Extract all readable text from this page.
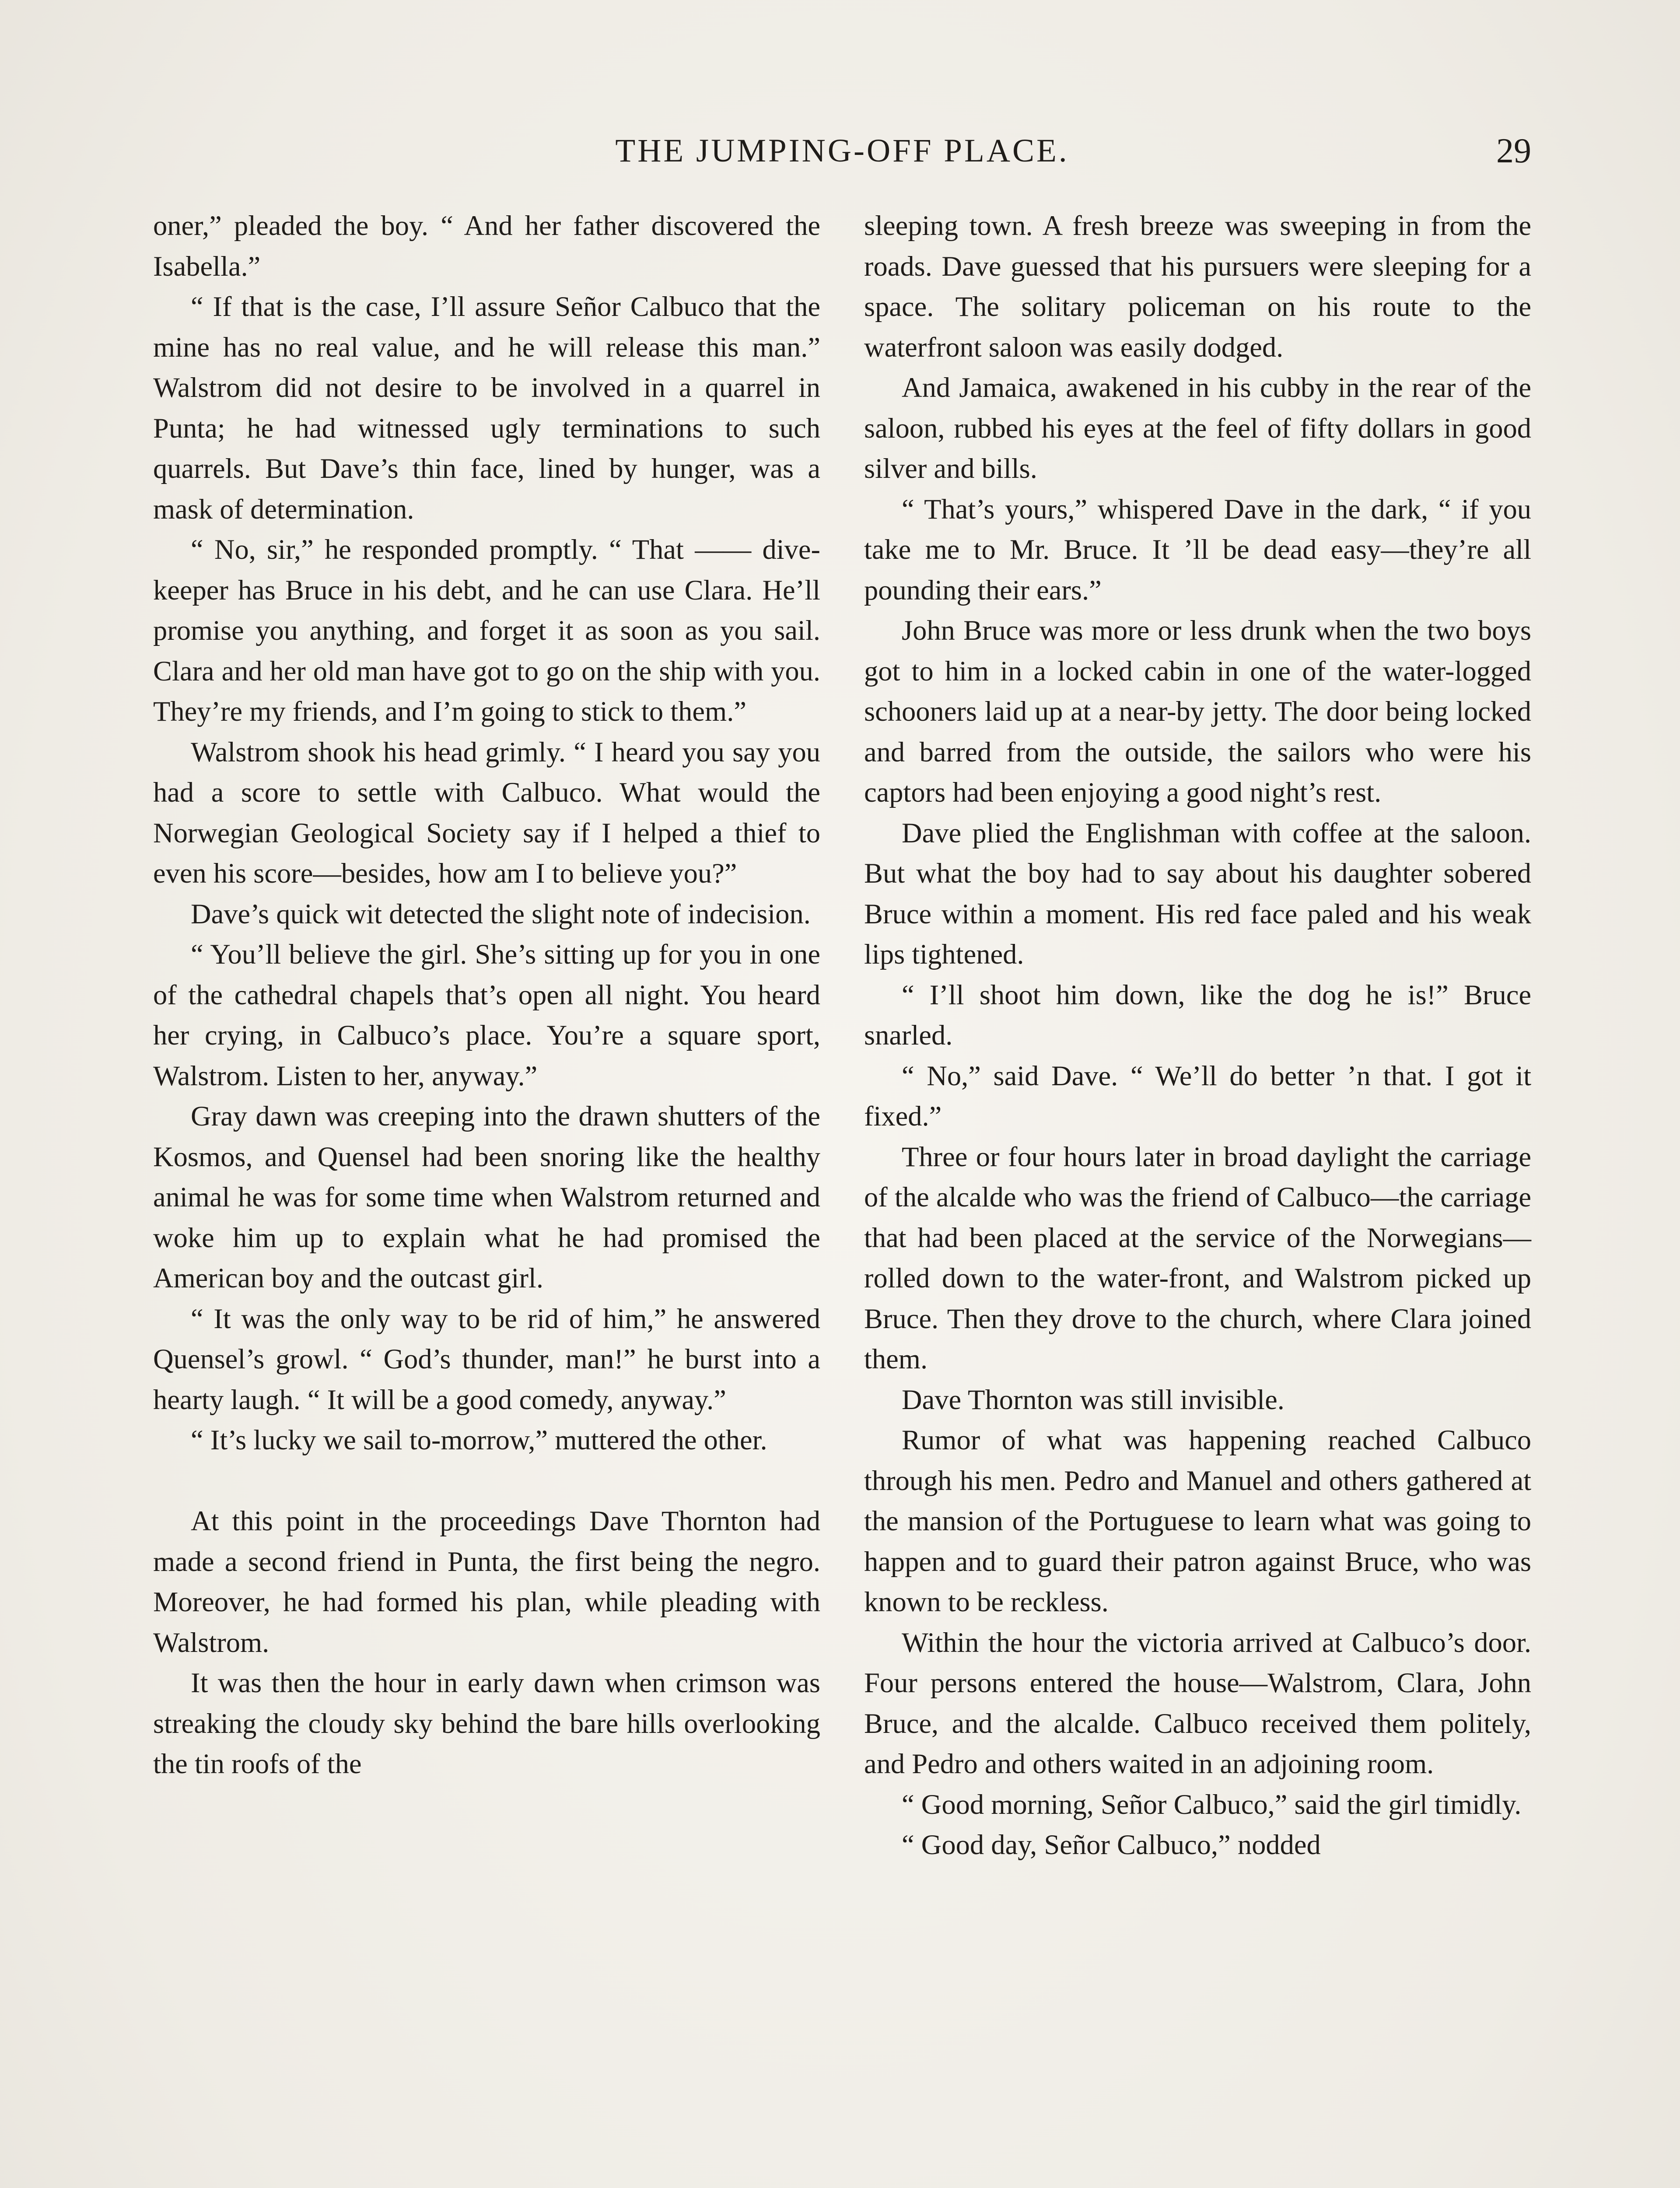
THE JUMPING-OFF PLACE.	29

oner,” pleaded the boy. “ And her father discovered the Isabella.”

“ If that is the case, I’ll assure Señor Calbuco that the mine has no real value, and he will release this man.” Walstrom did not desire to be involved in a quarrel in Punta; he had witnessed ugly terminations to such quarrels. But Dave’s thin face, lined by hunger, was a mask of determination.

“ No, sir,” he responded promptly. “ That —— dive-keeper has Bruce in his debt, and he can use Clara. He’ll promise you anything, and forget it as soon as you sail. Clara and her old man have got to go on the ship with you. They’re my friends, and I’m going to stick to them.”

Walstrom shook his head grimly. “ I heard you say you had a score to settle with Calbuco. What would the Norwegian Geological Society say if I helped a thief to even his score—besides, how am I to believe you?”

Dave’s quick wit detected the slight note of indecision.

“ You’ll believe the girl. She’s sitting up for you in one of the cathedral chapels that’s open all night. You heard her crying, in Calbuco’s place. You’re a square sport, Walstrom. Listen to her, anyway.”

Gray dawn was creeping into the drawn shutters of the Kosmos, and Quensel had been snoring like the healthy animal he was for some time when Walstrom returned and woke him up to explain what he had promised the American boy and the outcast girl.

“ It was the only way to be rid of him,” he answered Quensel’s growl. “ God’s thunder, man!” he burst into a hearty laugh. “ It will be a good comedy, anyway.”

“ It’s lucky we sail to-morrow,” muttered the other.

At this point in the proceedings Dave Thornton had made a second friend in Punta, the first being the negro. Moreover, he had formed his plan, while pleading with Walstrom.

It was then the hour in early dawn when crimson was streaking the cloudy sky behind the bare hills overlooking the tin roofs of the

sleeping town. A fresh breeze was sweeping in from the roads. Dave guessed that his pursuers were sleeping for a space. The solitary policeman on his route to the waterfront saloon was easily dodged.

And Jamaica, awakened in his cubby in the rear of the saloon, rubbed his eyes at the feel of fifty dollars in good silver and bills.

“ That’s yours,” whispered Dave in the dark, “ if you take me to Mr. Bruce. It ’ll be dead easy—they’re all pounding their ears.”

John Bruce was more or less drunk when the two boys got to him in a locked cabin in one of the water-logged schooners laid up at a near-by jetty. The door being locked and barred from the outside, the sailors who were his captors had been enjoying a good night’s rest.

Dave plied the Englishman with coffee at the saloon. But what the boy had to say about his daughter sobered Bruce within a moment. His red face paled and his weak lips tightened.

“ I’ll shoot him down, like the dog he is!” Bruce snarled.

“ No,” said Dave. “ We’ll do better ’n that. I got it fixed.”

Three or four hours later in broad daylight the carriage of the alcalde who was the friend of Calbuco—the carriage that had been placed at the service of the Norwegians—rolled down to the water-front, and Walstrom picked up Bruce. Then they drove to the church, where Clara joined them.

Dave Thornton was still invisible.

Rumor of what was happening reached Calbuco through his men. Pedro and Manuel and others gathered at the mansion of the Portuguese to learn what was going to happen and to guard their patron against Bruce, who was known to be reckless.

Within the hour the victoria arrived at Calbuco’s door. Four persons entered the house—Walstrom, Clara, John Bruce, and the alcalde. Calbuco received them politely, and Pedro and others waited in an adjoining room.

“ Good morning, Señor Calbuco,” said the girl timidly.

“ Good day, Señor Calbuco,” nodded
